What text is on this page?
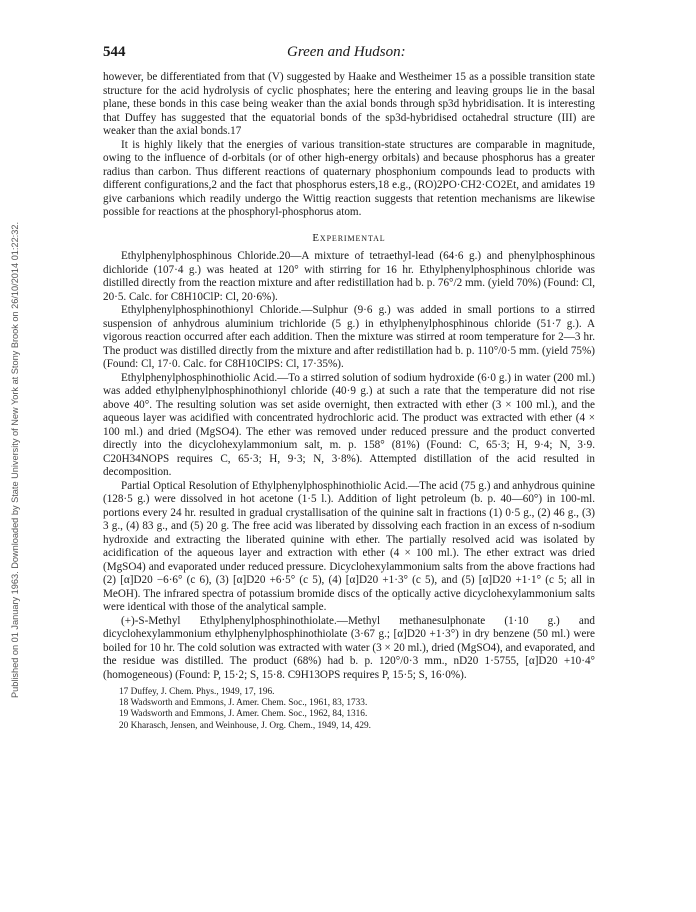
Published on 01 January 1963. Downloaded by State University of New York at Stony Brook on 26/10/2014 01:22:32.
544	Green and Hudson:

however, be differentiated from that (V) suggested by Haake and Westheimer 15 as a possible transition state structure for the acid hydrolysis of cyclic phosphates; here the entering and leaving groups lie in the basal plane, these bonds in this case being weaker than the axial bonds through sp3d hybridisation. It is interesting that Duffey has suggested that the equatorial bonds of the sp3d-hybridised octahedral structure (III) are weaker than the axial bonds.17

It is highly likely that the energies of various transition-state structures are comparable in magnitude, owing to the influence of d-orbitals (or of other high-energy orbitals) and because phosphorus has a greater radius than carbon. Thus different reactions of quaternary phosphonium compounds lead to products with different configurations,2 and the fact that phosphorus esters,18 e.g., (RO)2PO·CH2·CO2Et, and amidates 19 give carbanions which readily undergo the Wittig reaction suggests that retention mechanisms are likewise possible for reactions at the phosphoryl-phosphorus atom.

Experimental

Ethylphenylphosphinous Chloride.20—A mixture of tetraethyl-lead (64·6 g.) and phenylphosphinous dichloride (107·4 g.) was heated at 120° with stirring for 16 hr. Ethylphenylphosphinous chloride was distilled directly from the reaction mixture and after redistillation had b. p. 76°/2 mm. (yield 70%) (Found: Cl, 20·5. Calc. for C8H10ClP: Cl, 20·6%).

Ethylphenylphosphinothionyl Chloride.—Sulphur (9·6 g.) was added in small portions to a stirred suspension of anhydrous aluminium trichloride (5 g.) in ethylphenylphosphinous chloride (51·7 g.). A vigorous reaction occurred after each addition. Then the mixture was stirred at room temperature for 2—3 hr. The product was distilled directly from the mixture and after redistillation had b. p. 110°/0·5 mm. (yield 75%) (Found: Cl, 17·0. Calc. for C8H10ClPS: Cl, 17·35%).

Ethylphenylphosphinothiolic Acid.—To a stirred solution of sodium hydroxide (6·0 g.) in water (200 ml.) was added ethylphenylphosphinothionyl chloride (40·9 g.) at such a rate that the temperature did not rise above 40°. The resulting solution was set aside overnight, then extracted with ether (3 × 100 ml.), and the aqueous layer was acidified with concentrated hydrochloric acid. The product was extracted with ether (4 × 100 ml.) and dried (MgSO4). The ether was removed under reduced pressure and the product converted directly into the dicyclohexylammonium salt, m. p. 158° (81%) (Found: C, 65·3; H, 9·4; N, 3·9. C20H34NOPS requires C, 65·3; H, 9·3; N, 3·8%). Attempted distillation of the acid resulted in decomposition.

Partial Optical Resolution of Ethylphenylphosphinothiolic Acid.—The acid (75 g.) and anhydrous quinine (128·5 g.) were dissolved in hot acetone (1·5 l.). Addition of light petroleum (b. p. 40—60°) in 100-ml. portions every 24 hr. resulted in gradual crystallisation of the quinine salt in fractions (1) 0·5 g., (2) 46 g., (3) 3 g., (4) 83 g., and (5) 20 g. The free acid was liberated by dissolving each fraction in an excess of n-sodium hydroxide and extracting the liberated quinine with ether. The partially resolved acid was isolated by acidification of the aqueous layer and extraction with ether (4 × 100 ml.). The ether extract was dried (MgSO4) and evaporated under reduced pressure. Dicyclohexylammonium salts from the above fractions had (2) [α]D20 −6·6° (c 6), (3) [α]D20 +6·5° (c 5), (4) [α]D20 +1·3° (c 5), and (5) [α]D20 +1·1° (c 5; all in MeOH). The infrared spectra of potassium bromide discs of the optically active dicyclohexylammonium salts were identical with those of the analytical sample.

(+)-S-Methyl Ethylphenylphosphinothiolate.—Methyl methanesulphonate (1·10 g.) and dicyclohexylammonium ethylphenylphosphinothiolate (3·67 g.; [α]D20 +1·3°) in dry benzene (50 ml.) were boiled for 10 hr. The cold solution was extracted with water (3 × 20 ml.), dried (MgSO4), and evaporated, and the residue was distilled. The product (68%) had b. p. 120°/0·3 mm., nD20 1·5755, [α]D20 +10·4° (homogeneous) (Found: P, 15·2; S, 15·8. C9H13OPS requires P, 15·5; S, 16·0%).

17 Duffey, J. Chem. Phys., 1949, 17, 196.
18 Wadsworth and Emmons, J. Amer. Chem. Soc., 1961, 83, 1733.
19 Wadsworth and Emmons, J. Amer. Chem. Soc., 1962, 84, 1316.
20 Kharasch, Jensen, and Weinhouse, J. Org. Chem., 1949, 14, 429.
